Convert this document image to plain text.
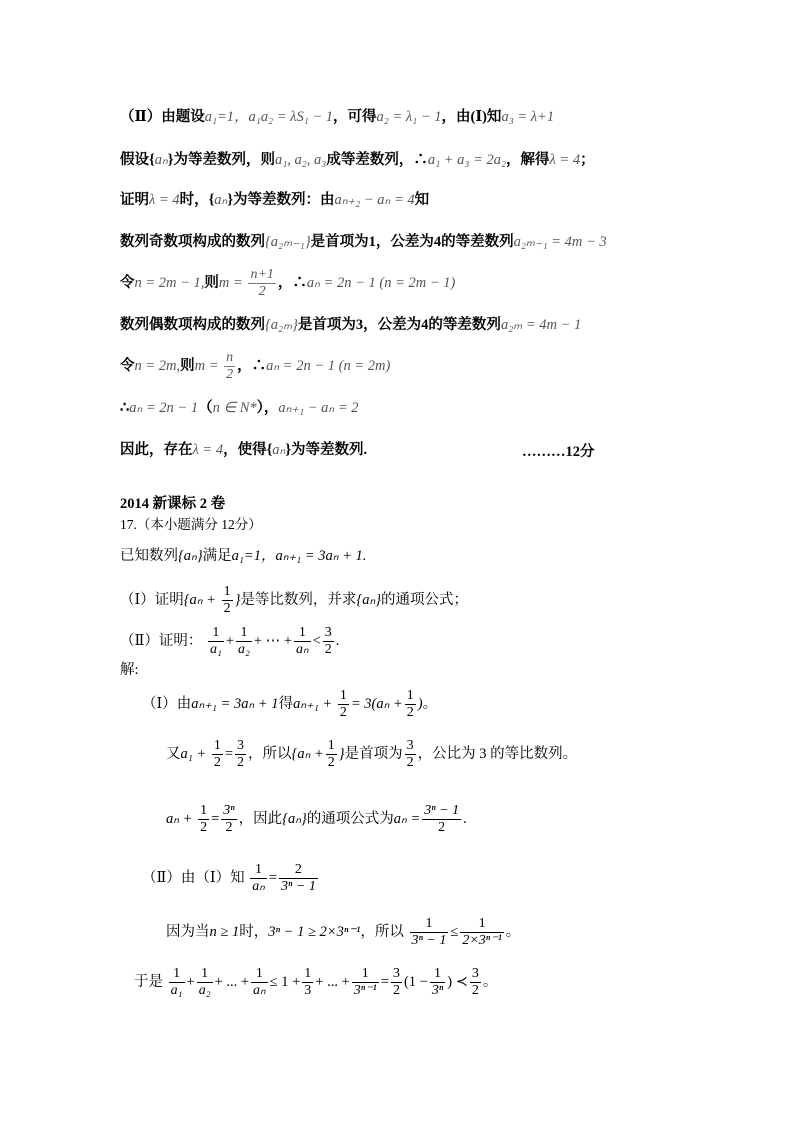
（Ⅱ）由题设a₁=1，a₁a₂ = λS₁ − 1，可得a₂ = λ₁ − 1，由(Ⅰ)知a₃ = λ+1
假设{aₙ}为等差数列，则a₁, a₂, a₃成等差数列，∴a₁ + a₃ = 2a₂，解得λ = 4；
证明λ = 4时，{aₙ}为等差数列：由aₙ₊₂ − aₙ = 4知
数列奇数项构成的数列{a₂ₘ₋₁}是首项为1，公差为4的等差数列a₂ₘ₋₁ = 4m − 3
令n = 2m − 1,则$m = \frac{n+1}{2}$ ，∴aₙ = 2n − 1 (n = 2m − 1)
数列偶数项构成的数列{a₂ₘ}是首项为3，公差为4的等差数列a₂ₘ = 4m − 1
令n = 2m,则$m = \frac{n}{2}$ ，∴aₙ = 2n − 1 (n = 2m)
∴aₙ = 2n − 1（n ∈ N*），aₙ₊₁ − aₙ = 2
因此，存在λ = 4，使得{aₙ}为等差数列.	………12分
2014 新课标 2 卷
17.（本小题满分 12分）
已知数列{aₙ}满足a₁=1，aₙ₊₁ = 3aₙ + 1.
（Ⅰ）证明{$a_n + \frac{1}{2}$ }是等比数列，并求{aₙ}的通项公式；
（Ⅱ）证明： $\frac{1}{\text{a₁}} + \frac{1}{\text{a₂}}$ + ⋯ + $\frac{1}{\text{aₙ}} < \frac{3}{2}$ .
解:
（Ⅰ）由aₙ₊₁ = 3aₙ + 1得$a_{n+1} + \frac{1}{2} = 3(a_n + \frac{1}{2}$ )。
又$a_1 + \frac{1}{2} = \frac{3}{2}$ ，所以{$a_n + \frac{1}{2}$ }是首项为 $\frac{3}{2}$ ，公比为 3 的等比数列。
$a_n + \frac{1}{2} = \frac{\text{3ⁿ}}{2}$ ，因此{aₙ}的通项公式为$a_n = \frac{\text{3ⁿ − 1}}{2}$ .
（Ⅱ）由（Ⅰ）知 $\frac{1}{\text{aₙ}} = \frac{2}{\text{3ⁿ − 1}}$
因为当n ≥ 1时，3ⁿ − 1 ≥ 2×3ⁿ⁻¹，所以 $\frac{1}{\text{3ⁿ − 1}} \le \frac{1}{\text{2×3ⁿ⁻¹}}$ 。
于是 $\frac{1}{\text{a₁}} + \frac{1}{\text{a₂}}$ + ... + $\frac{1}{\text{aₙ}} \le 1 + \frac{1}{3}$ + ... + $\frac{1}{\text{3ⁿ⁻¹}} = \frac{3}{2} (1 - \frac{1}{\text{3ⁿ}}$ ) ≺ $\frac{3}{2}$ 。
